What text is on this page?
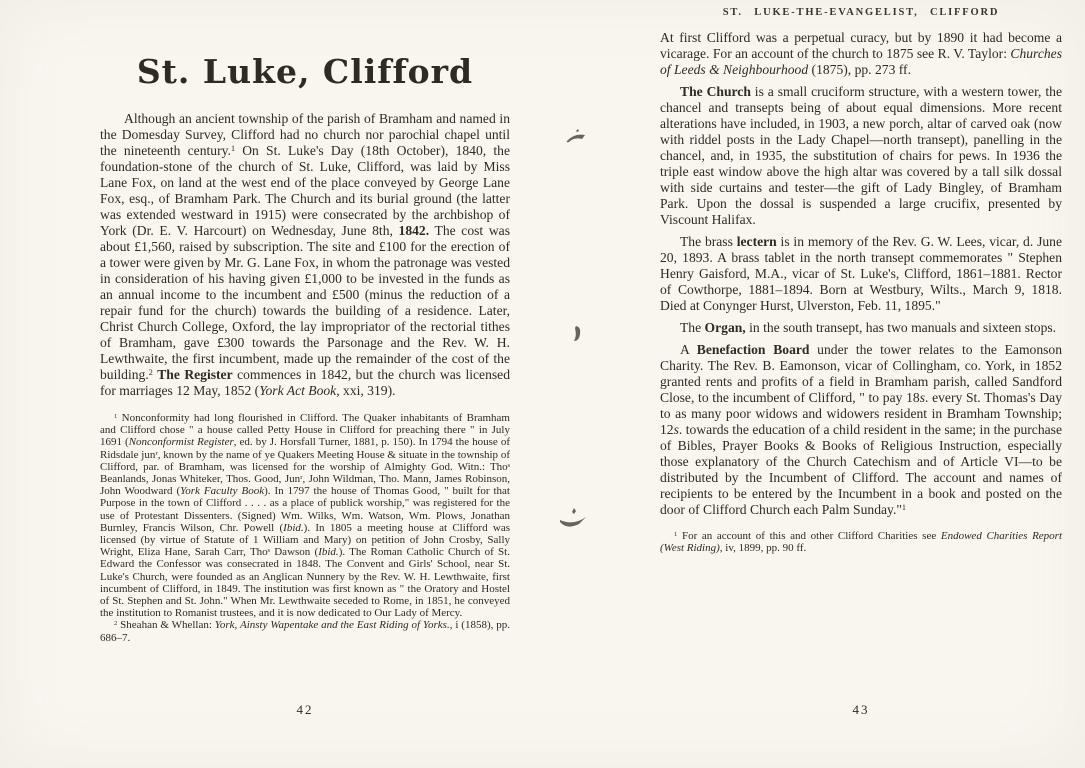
St. Luke, Clifford

Although an ancient township of the parish of Bramham and named in the Domesday Survey, Clifford had no church nor parochial chapel until the nineteenth century.$^1$ On St. Luke's Day (18th October), 1840, the foundation-stone of the church of St. Luke, Clifford, was laid by Miss Lane Fox, on land at the west end of the place conveyed by George Lane Fox, esq., of Bramham Park. The Church and its burial ground (the latter was extended westward in 1915) were consecrated by the archbishop of York (Dr. E. V. Harcourt) on Wednesday, June 8th, 1842. The cost was about £1,560, raised by subscription. The site and £100 for the erection of a tower were given by Mr. G. Lane Fox, in whom the patronage was vested in consideration of his having given £1,000 to be invested in the funds as an annual income to the incumbent and £500 (minus the reduction of a repair fund for the church) towards the building of a residence. Later, Christ Church College, Oxford, the lay impropriator of the rectorial tithes of Bramham, gave £300 towards the Parsonage and the Rev. W. H. Lewthwaite, the first incumbent, made up the remainder of the cost of the building.$^2$ The Register commences in 1842, but the church was licensed for marriages 12 May, 1852 (York Act Book, xxi, 319).

$^1$ Nonconformity had long flourished in Clifford. The Quaker inhabitants of Bramham and Clifford chose " a house called Petty House in Clifford for preaching there " in July 1691 (Nonconformist Register, ed. by J. Horsfall Turner, 1881, p. 150). In 1794 the house of Ridsdale junʳ, known by the name of ye Quakers Meeting House & situate in the township of Clifford, par. of Bramham, was licensed for the worship of Almighty God. Witn.: Thoˢ Beanlands, Jonas Whiteker, Thos. Good, Junʳ, John Wildman, Tho. Mann, James Robinson, John Woodward (York Faculty Book). In 1797 the house of Thomas Good, " built for that Purpose in the town of Clifford . . . . as a place of publick worship," was registered for the use of Protestant Dissenters. (Signed) Wm. Wilks, Wm. Watson, Wm. Plows, Jonathan Burnley, Francis Wilson, Chr. Powell (Ibid.). In 1805 a meeting house at Clifford was licensed (by virtue of Statute of 1 William and Mary) on petition of John Crosby, Sally Wright, Eliza Hane, Sarah Carr, Thoˢ Dawson (Ibid.). The Roman Catholic Church of St. Edward the Confessor was consecrated in 1848. The Convent and Girls' School, near St. Luke's Church, were founded as an Anglican Nunnery by the Rev. W. H. Lewthwaite, first incumbent of Clifford, in 1849. The institution was first known as " the Oratory and Hostel of St. Stephen and St. John." When Mr. Lewthwaite seceded to Rome, in 1851, he conveyed the institution to Romanist trustees, and it is now dedicated to Our Lady of Mercy.

$^2$ Sheahan & Whellan: York, Ainsty Wapentake and the East Riding of Yorks., i (1858), pp. 686–7.

42
ST. LUKE-THE-EVANGELIST, CLIFFORD

At first Clifford was a perpetual curacy, but by 1890 it had become a vicarage. For an account of the church to 1875 see R. V. Taylor: Churches of Leeds & Neighbourhood (1875), pp. 273 ff.

The Church is a small cruciform structure, with a western tower, the chancel and transepts being of about equal dimensions. More recent alterations have included, in 1903, a new porch, altar of carved oak (now with riddel posts in the Lady Chapel—north transept), panelling in the chancel, and, in 1935, the substitution of chairs for pews. In 1936 the triple east window above the high altar was covered by a tall silk dossal with side curtains and tester—the gift of Lady Bingley, of Bramham Park. Upon the dossal is suspended a large crucifix, presented by Viscount Halifax.

The brass lectern is in memory of the Rev. G. W. Lees, vicar, d. June 20, 1893. A brass tablet in the north transept commemorates " Stephen Henry Gaisford, M.A., vicar of St. Luke's, Clifford, 1861–1881. Rector of Cowthorpe, 1881–1894. Born at Westbury, Wilts., March 9, 1818. Died at Conynger Hurst, Ulverston, Feb. 11, 1895."

The Organ, in the south transept, has two manuals and sixteen stops.

A Benefaction Board under the tower relates to the Eamonson Charity. The Rev. B. Eamonson, vicar of Collingham, co. York, in 1852 granted rents and profits of a field in Bramham parish, called Sandford Close, to the incumbent of Clifford, " to pay 18s. every St. Thomas's Day to as many poor widows and widowers resident in Bramham Township; 12s. towards the education of a child resident in the same; in the purchase of Bibles, Prayer Books & Books of Religious Instruction, especially those explanatory of the Church Catechism and of Article VI—to be distributed by the Incumbent of Clifford. The account and names of recipients to be entered by the Incumbent in a book and posted on the door of Clifford Church each Palm Sunday."$^1$

$^1$ For an account of this and other Clifford Charities see Endowed Charities Report (West Riding), iv, 1899, pp. 90 ff.

43
